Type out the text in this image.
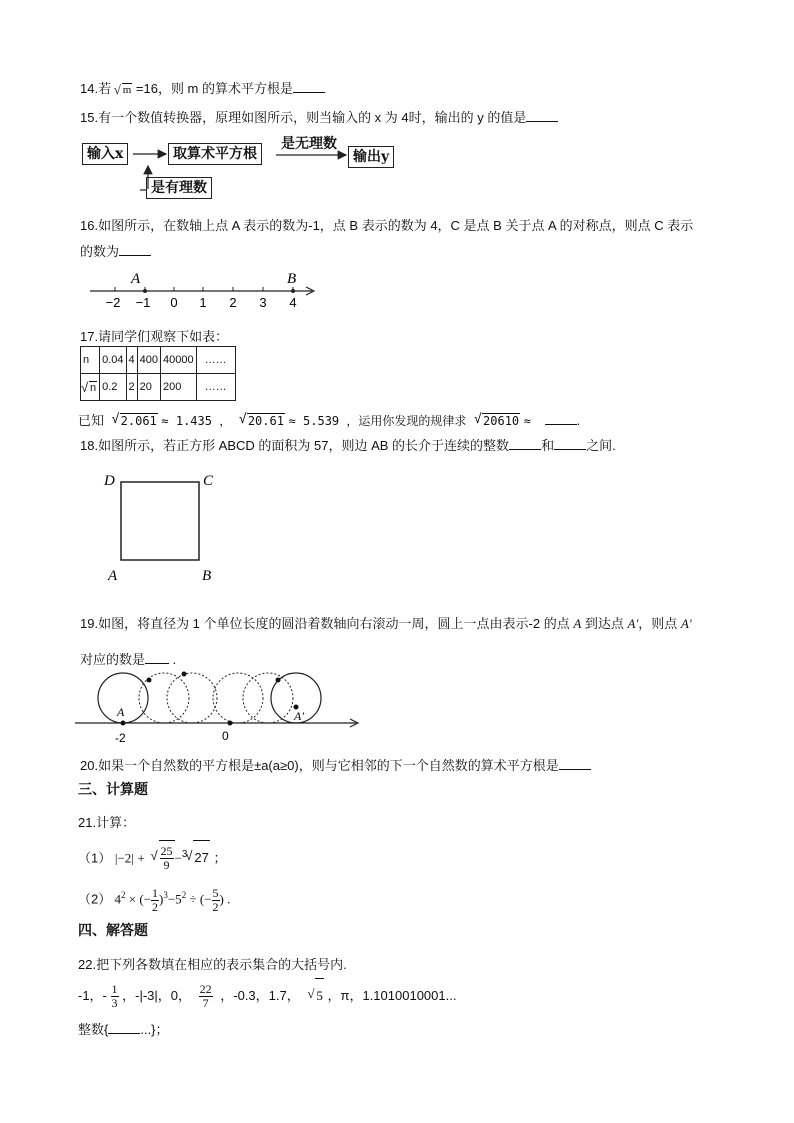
14.若 √ m =16，则 m 的算术平方根是
15.有一个数值转换器，原理如图所示，则当输入的 x 为 4时，输出的 y 的值是
输入x	取算术平方根
是无理数
输出y
是有理数
16.如图所示，在数轴上点 A 表示的数为-1，点 B 表示的数为 4，C 是点 B 关于点 A 的对称点，则点 C 表示
的数为
A	B
−2 −1 0 1 2 3 4
17.请同学们观察下如表：
n	0.04	4	400	40000	……
√ n	0.2	2	20	200	……
已知 √ 2.061 ≈ 1.435 ， √ 20.61 ≈ 5.539 ，运用你发现的规律求 √ 20610 ≈	.
18.如图所示，若正方形 ABCD 的面积为 57，则边 AB 的长介于连续的整数 和 之间.
D	C
A	B
19.如图，将直径为 1 个单位长度的圆沿着数轴向右滚动一周，圆上一点由表示-2 的点 A 到达点 A'，则点 A'
对应的数是 .
A	A'
-2	0
20.如果一个自然数的平方根是±a(a≥0)，则与它相邻的下一个自然数的算术平方根是
三、计算题
21.计算：
（1） |−2| + √ $\frac{25}{9} -^3$ √ 27 ；
（2） $4^2$ × (− $\frac{1}{2} )^3-5^2$ ÷ (− $\frac{5}{2}$ ) .
四、解答题
22.把下列各数填在相应的表示集合的大括号内.
-1，- $\frac{1}{3}$ ，-|-3|，0， $\frac{22}{7}$ ，-0.3，1.7， √ 5 ，π，1.1010010001...
整数{ ...}；
